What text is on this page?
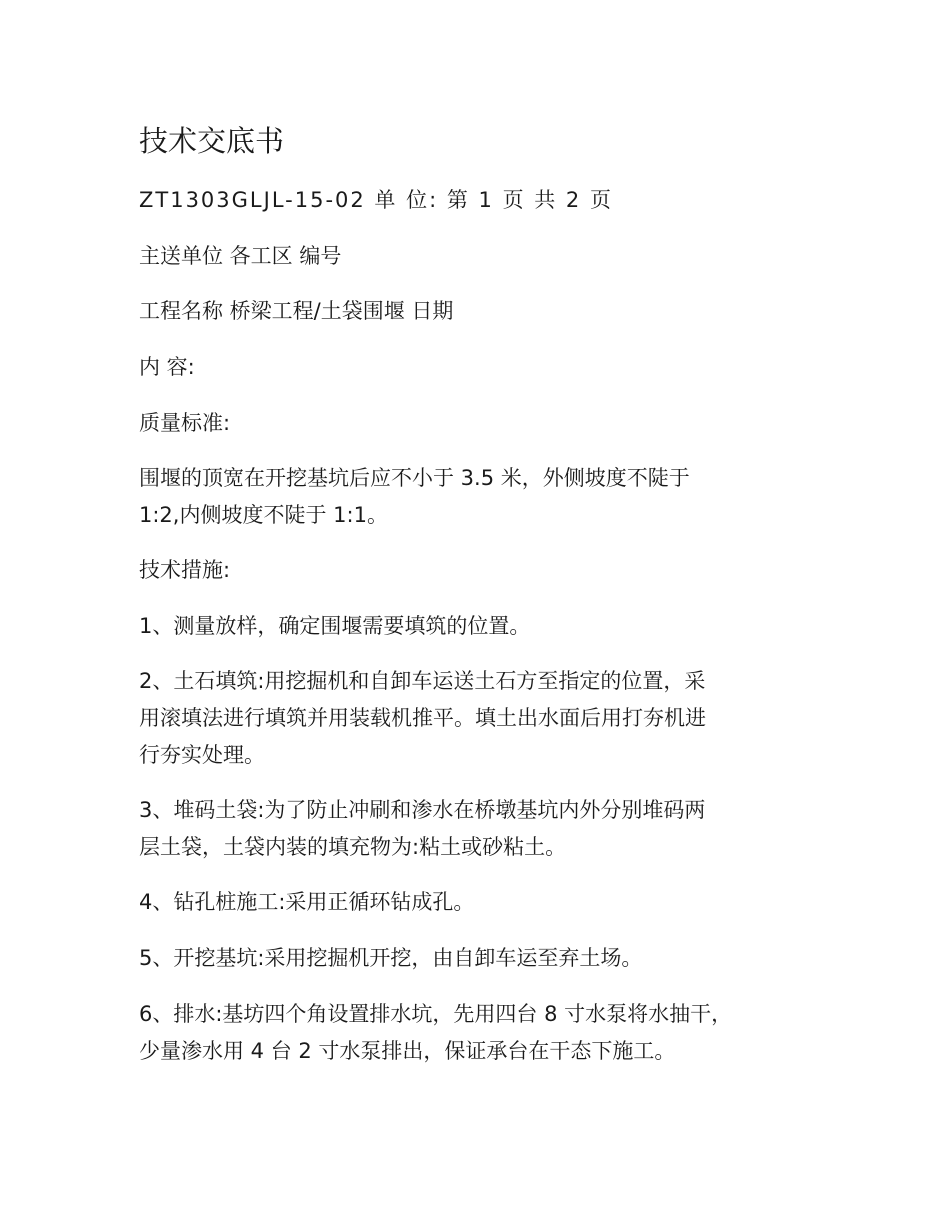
技术交底书
ZT1303GLJL-15-02 单 位: 第 1 页 共 2 页
主送单位 各工区 编号
工程名称 桥梁工程/土袋围堰 日期
内 容:
质量标准:
围堰的顶宽在开挖基坑后应不小于 3.5 米，外侧坡度不陡于
1:2,内侧坡度不陡于 1:1。
技术措施:
1、测量放样，确定围堰需要填筑的位置。
2、土石填筑:用挖掘机和自卸车运送土石方至指定的位置，采
用滚填法进行填筑并用装载机推平。填土出水面后用打夯机进
行夯实处理。
3、堆码土袋:为了防止冲刷和渗水在桥墩基坑内外分别堆码两
层土袋，土袋内装的填充物为:粘土或砂粘土。
4、钻孔桩施工:采用正循环钻成孔。
5、开挖基坑:采用挖掘机开挖，由自卸车运至弃土场。
6、排水:基坊四个角设置排水坑，先用四台 8 寸水泵将水抽干，
少量渗水用 4 台 2 寸水泵排出，保证承台在干态下施工。
